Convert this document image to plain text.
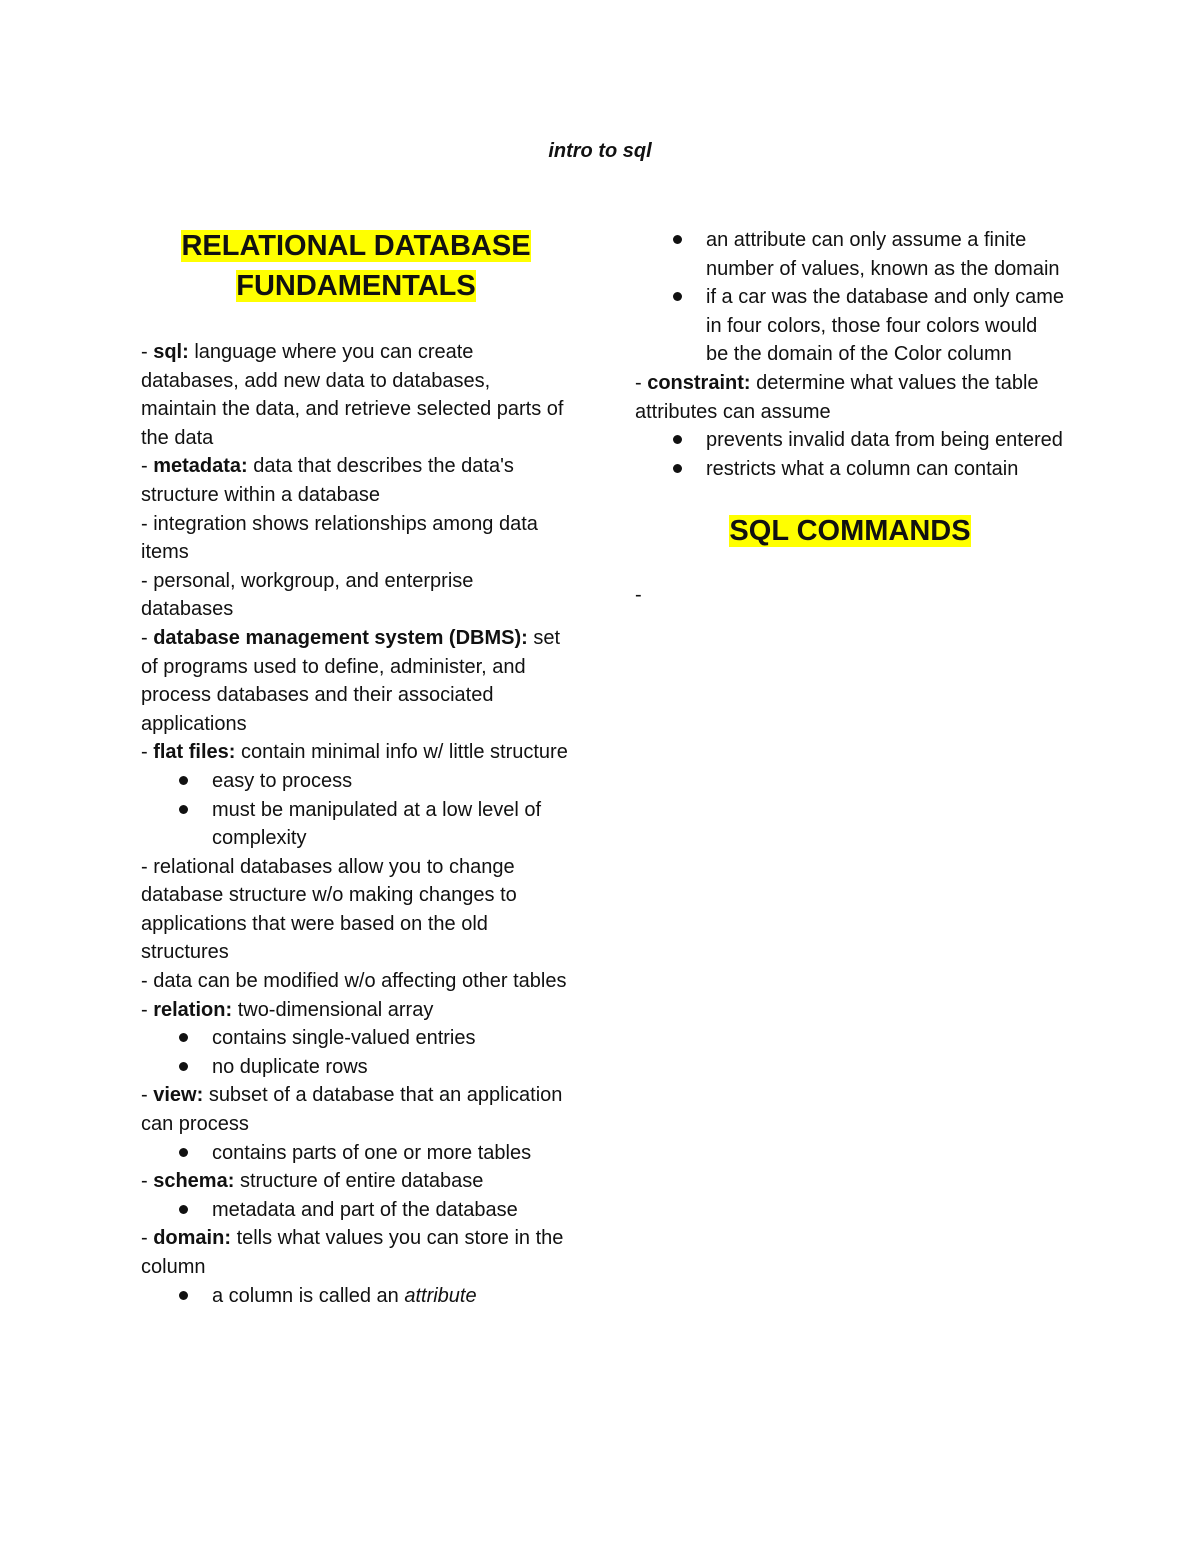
intro to sql
RELATIONAL DATABASE
FUNDAMENTALS

- sql: language where you can create databases, add new data to databases, maintain the data, and retrieve selected parts of the data

- metadata: data that describes the data's structure within a database

- integration shows relationships among data items

- personal, workgroup, and enterprise databases

- database management system (DBMS): set of programs used to define, administer, and process databases and their associated applications

- flat files: contain minimal info w/ little structure

easy to process
must be manipulated at a low level of complexity

- relational databases allow you to change database structure w/o making changes to applications that were based on the old structures

- data can be modified w/o affecting other tables

- relation: two-dimensional array

contains single-valued entries
no duplicate rows

- view: subset of a database that an application can process

contains parts of one or more tables

- schema: structure of entire database

metadata and part of the database

- domain: tells what values you can store in the column

a column is called an attribute
an attribute can only assume a finite number of values, known as the domain
if a car was the database and only came in four colors, those four colors would be the domain of the Color column

- constraint: determine what values the table attributes can assume

prevents invalid data from being entered
restricts what a column can contain
SQL COMMANDS

-
